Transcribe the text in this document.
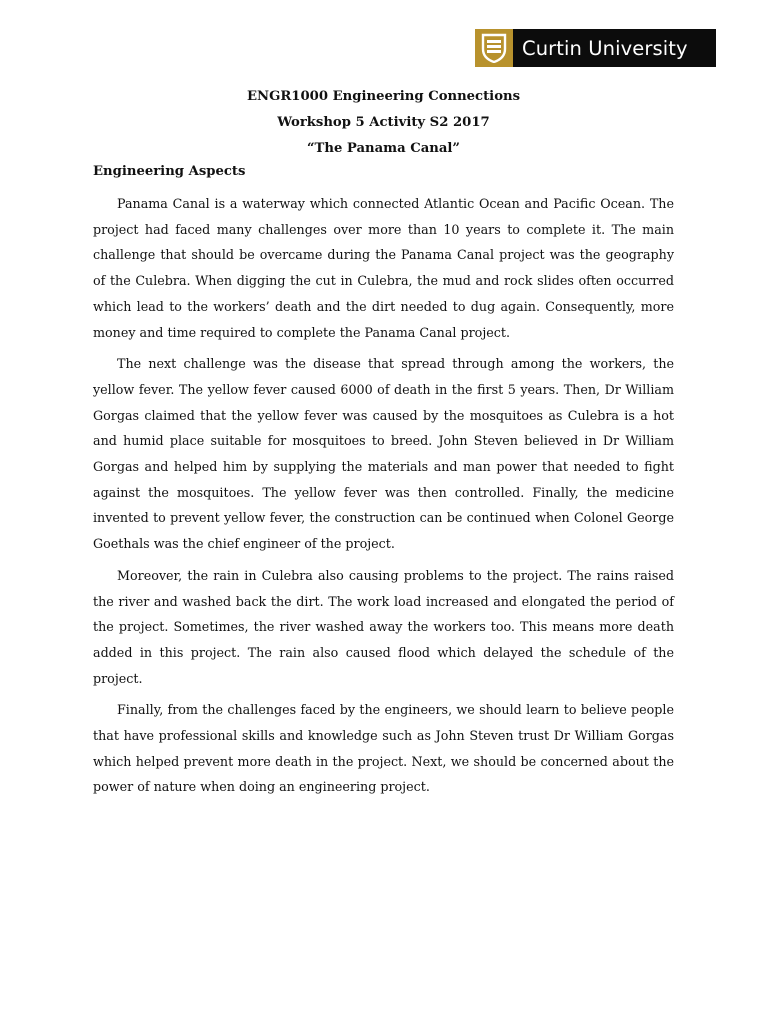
Curtin University
ENGR1000 Engineering Connections
Workshop 5 Activity S2 2017
“The Panama Canal”
Engineering Aspects

Panama Canal is a waterway which connected Atlantic Ocean and Pacific Ocean. The project had faced many challenges over more than 10 years to complete it. The main challenge that should be overcame during the Panama Canal project was the geography of the Culebra. When digging the cut in Culebra, the mud and rock slides often occurred which lead to the workers’ death and the dirt needed to dug again. Consequently, more money and time required to complete the Panama Canal project.

The next challenge was the disease that spread through among the workers, the yellow fever. The yellow fever caused 6000 of death in the first 5 years. Then, Dr William Gorgas claimed that the yellow fever was caused by the mosquitoes as Culebra is a hot and humid place suitable for mosquitoes to breed. John Steven believed in Dr William Gorgas and helped him by supplying the materials and man power that needed to fight against the mosquitoes. The yellow fever was then controlled. Finally, the medicine invented to prevent yellow fever, the construction can be continued when Colonel George Goethals was the chief engineer of the project.

Moreover, the rain in Culebra also causing problems to the project. The rains raised the river and washed back the dirt. The work load increased and elongated the period of the project. Sometimes, the river washed away the workers too. This means more death added in this project. The rain also caused flood which delayed the schedule of the project.

Finally, from the challenges faced by the engineers, we should learn to believe people that have professional skills and knowledge such as John Steven trust Dr William Gorgas which helped prevent more death in the project. Next, we should be concerned about the power of nature when doing an engineering project.
